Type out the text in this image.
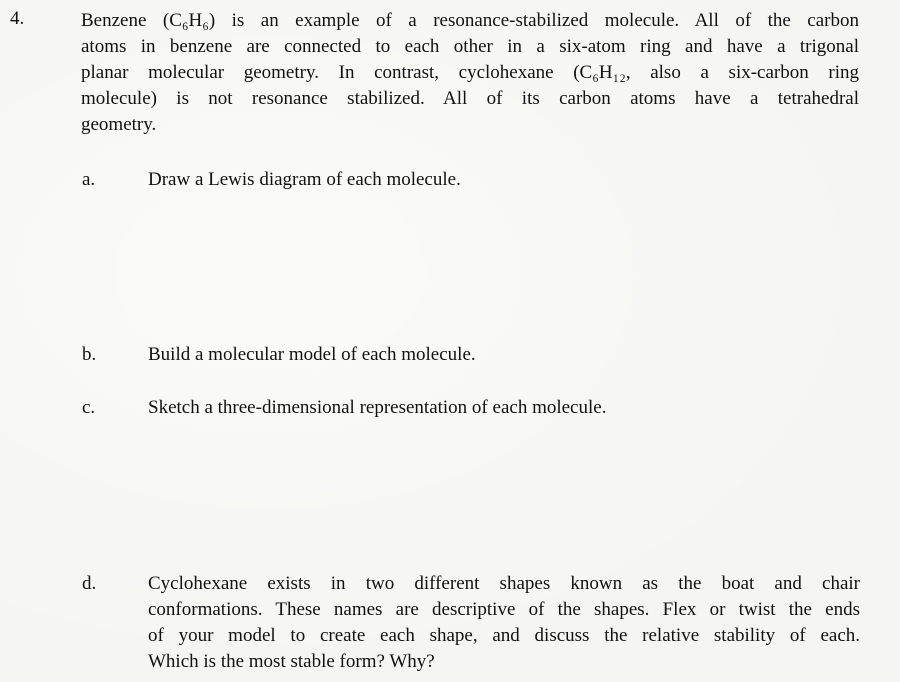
4.	Benzene (C₆H₆) is an example of a resonance-stabilized molecule. All of the carbon
atoms in benzene are connected to each other in a six-atom ring and have a trigonal
planar molecular geometry. In contrast, cyclohexane (C₆H₁₂, also a six-carbon ring
molecule) is not resonance stabilized. All of its carbon atoms have a tetrahedral
geometry.

a.	Draw a Lewis diagram of each molecule.
b.	Build a molecular model of each molecule.
c.	Sketch a three-dimensional representation of each molecule.
d.	Cyclohexane exists in two different shapes known as the boat and chair
conformations. These names are descriptive of the shapes. Flex or twist the ends
of your model to create each shape, and discuss the relative stability of each.
Which is the most stable form? Why?
